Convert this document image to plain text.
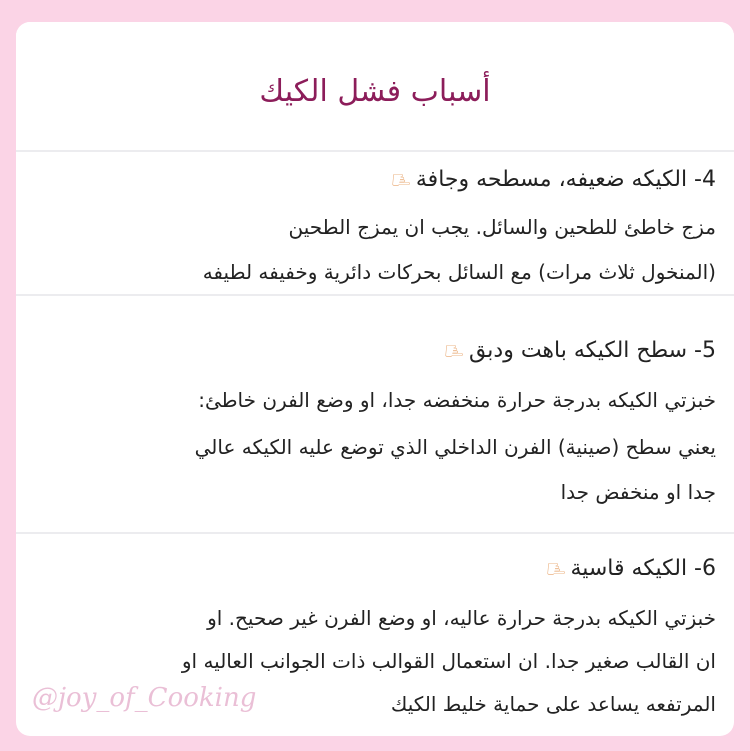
أسباب فشل الكيك
4- الكيكه ضعيفه، مسطحه وجافة
☝
مزج خاطئ للطحين والسائل. يجب ان يمزج الطحين
(المنخول ثلاث مرات) مع السائل بحركات دائرية وخفيفه لطيفه
5- سطح الكيكه باهت ودبق
☝
خبزتي الكيكه بدرجة حرارة منخفضه جدا، او وضع الفرن خاطئ:
يعني سطح (صينية) الفرن الداخلي الذي توضع عليه الكيكه عالي
جدا او منخفض جدا
6- الكيكه قاسية
☝
خبزتي الكيكه بدرجة حرارة عاليه، او وضع الفرن غير صحيح. او
ان القالب صغير جدا. ان استعمال القوالب ذات الجوانب العاليه او
المرتفعه يساعد على حماية خليط الكيك
@joy_of_Cooking
